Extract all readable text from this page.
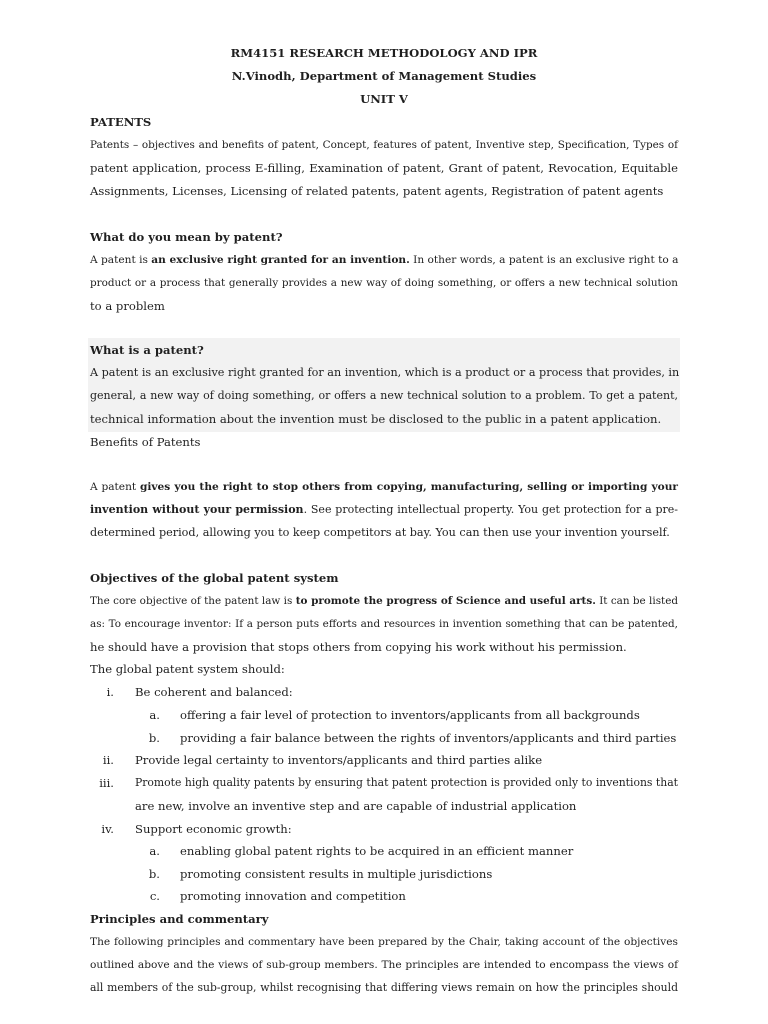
RM4151 RESEARCH METHODOLOGY AND IPR
N.Vinodh, Department of Management Studies
UNIT V
PATENTS
Patents – objectives and benefits of patent, Concept, features of patent, Inventive step, Specification, Types of
patent application, process E-filling, Examination of patent, Grant of patent, Revocation, Equitable
Assignments, Licenses, Licensing of related patents, patent agents, Registration of patent agents
What do you mean by patent?
A patent is an exclusive right granted for an invention. In other words, a patent is an exclusive right to a
product or a process that generally provides a new way of doing something, or offers a new technical solution
to a problem
What is a patent?
A patent is an exclusive right granted for an invention, which is a product or a process that provides, in
general, a new way of doing something, or offers a new technical solution to a problem. To get a patent,
technical information about the invention must be disclosed to the public in a patent application.
Benefits of Patents
A patent gives you the right to stop others from copying, manufacturing, selling or importing your
invention without your permission. See protecting intellectual property. You get protection for a pre-
determined period, allowing you to keep competitors at bay. You can then use your invention yourself.
Objectives of the global patent system
The core objective of the patent law is to promote the progress of Science and useful arts. It can be listed
as: To encourage inventor: If a person puts efforts and resources in invention something that can be patented,
he should have a provision that stops others from copying his work without his permission.
The global patent system should:
i. Be coherent and balanced:
a. offering a fair level of protection to inventors/applicants from all backgrounds
b. providing a fair balance between the rights of inventors/applicants and third parties
ii. Provide legal certainty to inventors/applicants and third parties alike
iii. Promote high quality patents by ensuring that patent protection is provided only to inventions that
are new, involve an inventive step and are capable of industrial application
iv. Support economic growth:
a. enabling global patent rights to be acquired in an efficient manner
b. promoting consistent results in multiple jurisdictions
c. promoting innovation and competition
Principles and commentary
The following principles and commentary have been prepared by the Chair, taking account of the objectives
outlined above and the views of sub-group members. The principles are intended to encompass the views of
all members of the sub-group, whilst recognising that differing views remain on how the principles should
